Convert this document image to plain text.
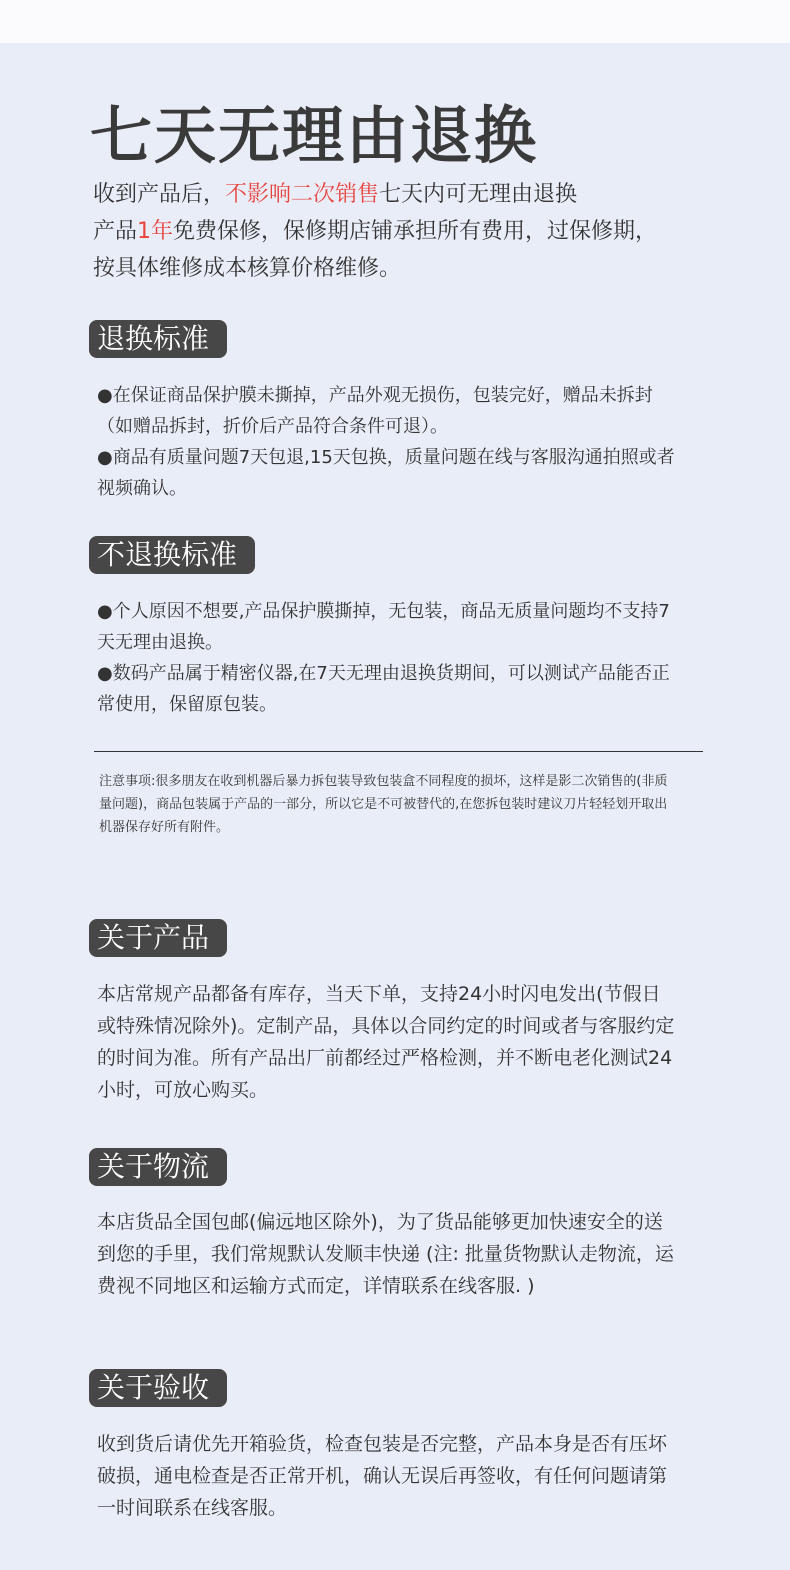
七天无理由退换
收到产品后，不影响二次销售七天内可无理由退换
产品1年免费保修，保修期店铺承担所有费用，过保修期，
按具体维修成本核算价格维修。
退换标准

●在保证商品保护膜未撕掉，产品外观无损伤，包装完好，赠品未拆封（如赠品拆封，折价后产品符合条件可退）。

●商品有质量问题7天包退,15天包换，质量问题在线与客服沟通拍照或者视频确认。

不退换标准

●个人原因不想要,产品保护膜撕掉，无包装，商品无质量问题均不支持7天无理由退换。

●数码产品属于精密仪器,在7天无理由退换货期间，可以测试产品能否正常使用，保留原包装。

注意事项:很多朋友在收到机器后暴力拆包装导致包装盒不同程度的损坏，这样是影二次销售的(非质量问题)，商品包装属于产品的一部分，所以它是不可被替代的,在您拆包装时建议刀片轻轻划开取出机器保存好所有附件。
关于产品
本店常规产品都备有库存，当天下单，支持24小时闪电发出(节假日或特殊情况除外)。定制产品，具体以合同约定的时间或者与客服约定的时间为准。所有产品出厂前都经过严格检测，并不断电老化测试24小时，可放心购买。
关于物流
本店货品全国包邮(偏远地区除外)，为了货品能够更加快速安全的送到您的手里，我们常规默认发顺丰快递 (注: 批量货物默认走物流，运费视不同地区和运输方式而定，详情联系在线客服. )
关于验收
收到货后请优先开箱验货，检查包装是否完整，产品本身是否有压坏破损，通电检查是否正常开机，确认无误后再签收，有任何问题请第一时间联系在线客服。
